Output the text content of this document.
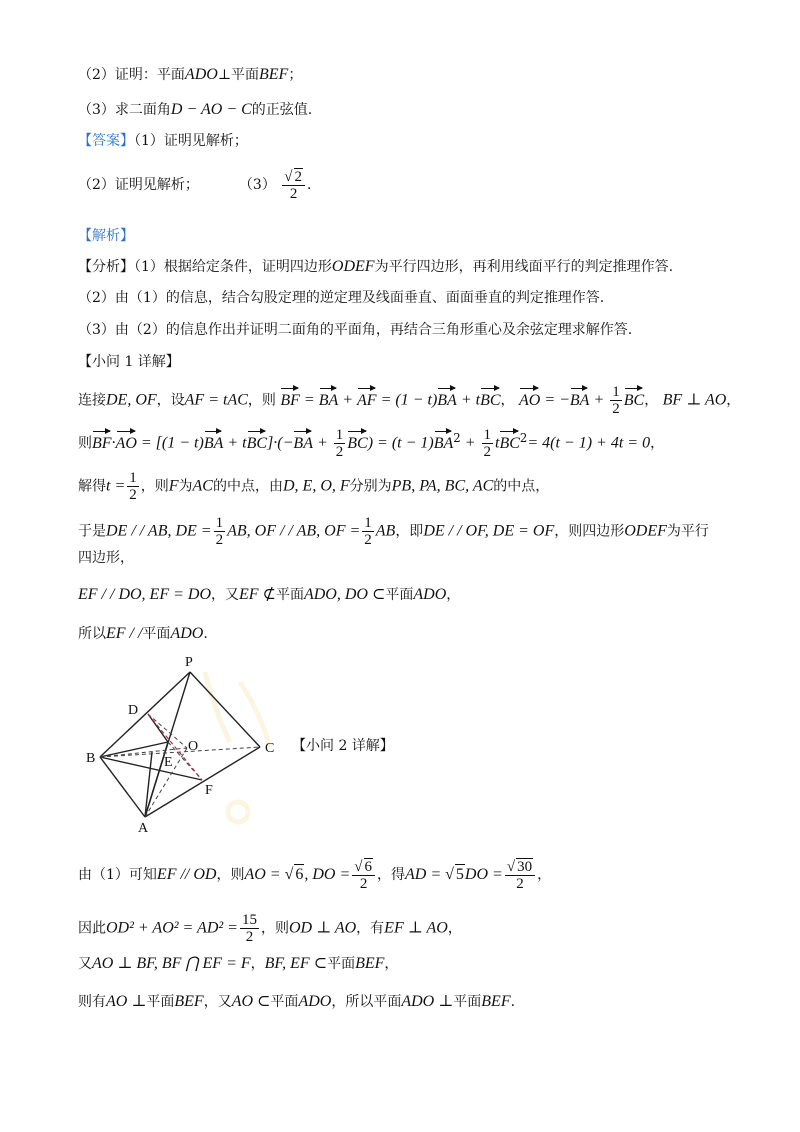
（2）证明：平面ADO⊥平面BEF；
（3）求二面角D − AO − C的正弦值.
【答案】（1）证明见解析；
（2）证明见解析；	$(3) \frac{√ 2}{2}$ .
【解析】
【分析】（1）根据给定条件，证明四边形ODEF为平行四边形，再利用线面平行的判定推理作答.
（2）由（1）的信息，结合勾股定理的逆定理及线面垂直、面面垂直的判定推理作答.
（3）由（2）的信息作出并证明二面角的平面角，再结合三角形重心及余弦定理求解作答.
【小问 1 详解】
连接DE, OF，设AF = tAC，则 BF = BA + AF = (1 − t)BA + tBC， AO = $-BA + \frac{1}{2}$ BC， BF ⊥ AO，
则$BF\cdot AO = [(1 - t)BA + tBC]\cdot(-BA + \frac{1}{2} BC) = (t - 1)BA^2 + \frac{1}{2} tBC^2= 4(t - 1) + 4t = 0$，
解得$t = \frac{1}{2}$ ，则F为AC的中点，由D, E, O, F分别为PB, PA, BC, AC的中点，
于是DE / / AB, DE = $\frac{1}{2}$ AB, OF / / AB, OF = $\frac{1}{2}$ AB，即DE / / OF, DE = OF，则四边形ODEF为平行
四边形，
EF / / DO, EF = DO，又EF ⊄平面ADO, DO ⊂平面ADO，
所以EF / /平面ADO.
P
D
B	E
O	C
F
A
【小问 2 详解】
由（1）可知EF // OD，则AO = √ 6, DO = $\frac{√ 6}{2}$ ，得AD = √ $5DO = \frac{√ 30}{2}$ ，
因此$OD^2 + AO^2 = AD^2 = \frac{15}{2}$ ，则OD ⊥ AO，有EF ⊥ AO，
又AO ⊥ BF, BF ⋂ EF = F，BF, EF ⊂平面BEF，
则有AO ⊥平面BEF，又AO ⊂平面ADO，所以平面ADO ⊥平面BEF.
